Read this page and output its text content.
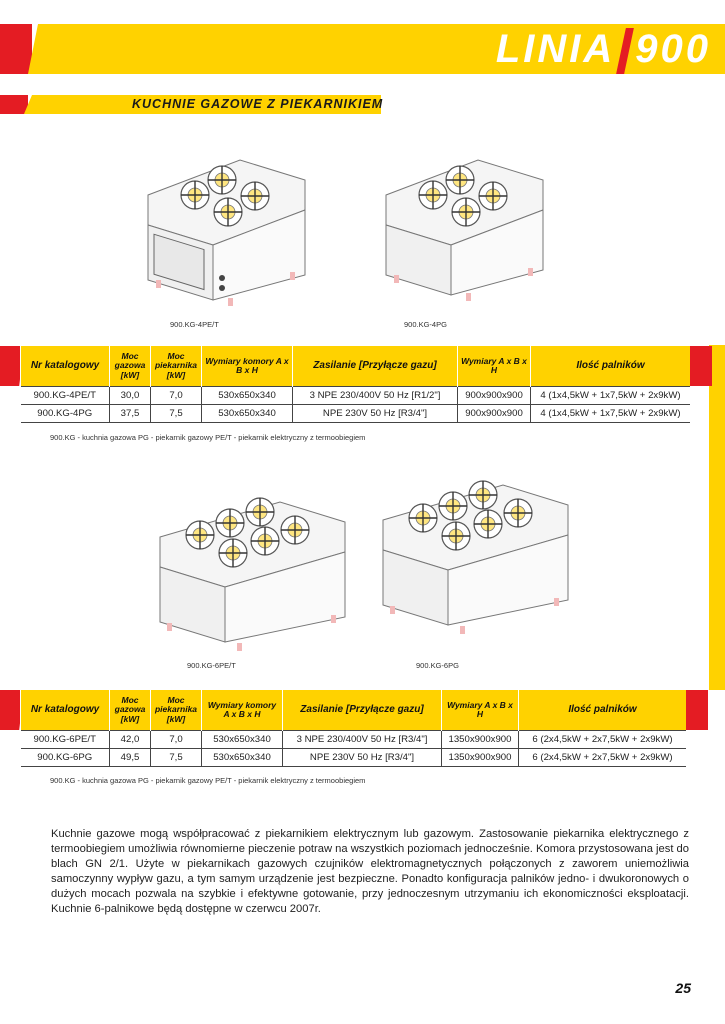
LINIA 900
KUCHNIE GAZOWE Z PIEKARNIKIEM
900.KG-4PE/T	900.KG-4PG
Nr katalogowy	Moc gazowa [kW]	Moc piekarnika [kW]	Wymiary komory A x B x H	Zasilanie [Przyłącze gazu]	Wymiary A x B x H	Ilość palników
900.KG-4PE/T	30,0	7,0	530x650x340	3 NPE 230/400V 50 Hz [R1/2"]	900x900x900	4 (1x4,5kW + 1x7,5kW + 2x9kW)
900.KG-4PG	37,5	7,5	530x650x340	NPE 230V 50 Hz [R3/4"]	900x900x900	4 (1x4,5kW + 1x7,5kW + 2x9kW)
900.KG - kuchnia gazowa PG - piekarnik gazowy PE/T - piekarnik elektryczny z termoobiegiem
900.KG-6PE/T	900.KG-6PG
Nr katalogowy	Moc gazowa [kW]	Moc piekarnika [kW]	Wymiary komory A x B x H	Zasilanie [Przyłącze gazu]	Wymiary A x B x H	Ilość palników
900.KG-6PE/T	42,0	7,0	530x650x340	3 NPE 230/400V 50 Hz [R3/4"]	1350x900x900	6 (2x4,5kW + 2x7,5kW + 2x9kW)
900.KG-6PG	49,5	7,5	530x650x340	NPE 230V 50 Hz [R3/4"]	1350x900x900	6 (2x4,5kW + 2x7,5kW + 2x9kW)
900.KG - kuchnia gazowa PG - piekarnik gazowy PE/T - piekarnik elektryczny z termoobiegiem
Kuchnie gazowe mogą współpracować z piekarnikiem elektrycznym lub gazowym. Zastosowanie piekarnika elektrycznego z termoobiegiem umożliwia równomierne pieczenie potraw na wszystkich poziomach jednocześnie. Komora przystosowana jest do blach GN 2/1. Użyte w piekarnikach gazowych czujników elektromagnetycznych połączonych z zaworem uniemożliwia samoczynny wypływ gazu, a tym samym urządzenie jest bezpieczne. Ponadto konfiguracja palników jedno- i dwukoronowych o dużych mocach pozwala na szybkie i efektywne gotowanie, przy jednoczesnym utrzymaniu ich ekonomiczności eksploatacji. Kuchnie 6-palnikowe będą dostępne w czerwcu 2007r.
25
